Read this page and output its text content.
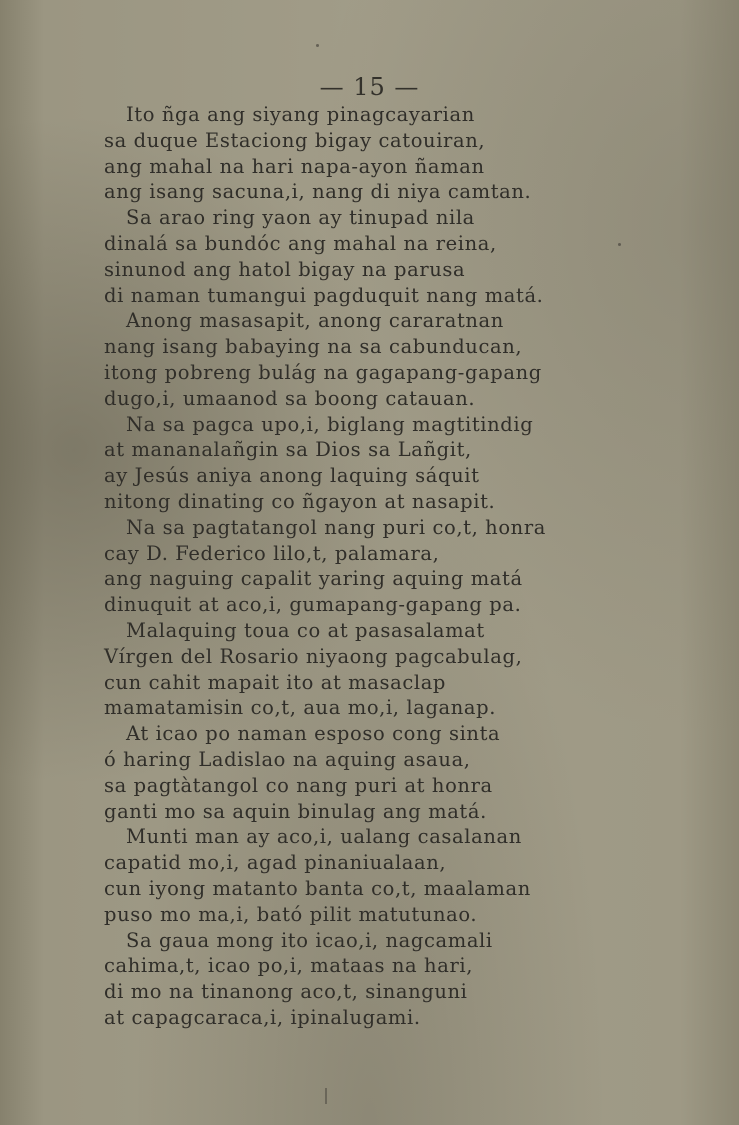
— 15 —
Ito ñga ang siyang pinagcayarian
sa duque Estaciong bigay catouiran,
ang mahal na hari napa-ayon ñaman
ang isang sacuna,i, nang di niya camtan.
Sa arao ring yaon ay tinupad nila
dinalá sa bundóc ang mahal na reina,
sinunod ang hatol bigay na parusa
di naman tumangui pagduquit nang matá.
Anong masasapit, anong cararatnan
nang isang babaying na sa cabunducan,
itong pobreng bulág na gagapang-gapang
dugo,i, umaanod sa boong catauan.
Na sa pagca upo,i, biglang magtitindig
at mananalañgin sa Dios sa Lañgit,
ay Jesús aniya anong laquing sáquit
nitong dinating co ñgayon at nasapit.
Na sa pagtatangol nang puri co,t, honra
cay D. Federico lilo,t, palamara,
ang naguing capalit yaring aquing matá
dinuquit at aco,i, gumapang-gapang pa.
Malaquing toua co at pasasalamat
Vírgen del Rosario niyaong pagcabulag,
cun cahit mapait ito at masaclap
mamatamisin co,t, aua mo,i, laganap.
At icao po naman esposo cong sinta
ó haring Ladislao na aquing asaua,
sa pagtàtangol co nang puri at honra
ganti mo sa aquin binulag ang matá.
Munti man ay aco,i, ualang casalanan
capatid mo,i, agad pinaniualaan,
cun iyong matanto banta co,t, maalaman
puso mo ma,i, bató pilit matutunao.
Sa gaua mong ito icao,i, nagcamali
cahima,t, icao po,i, mataas na hari,
di mo na tinanong aco,t, sinanguni
at capagcaraca,i, ipinalugami.
